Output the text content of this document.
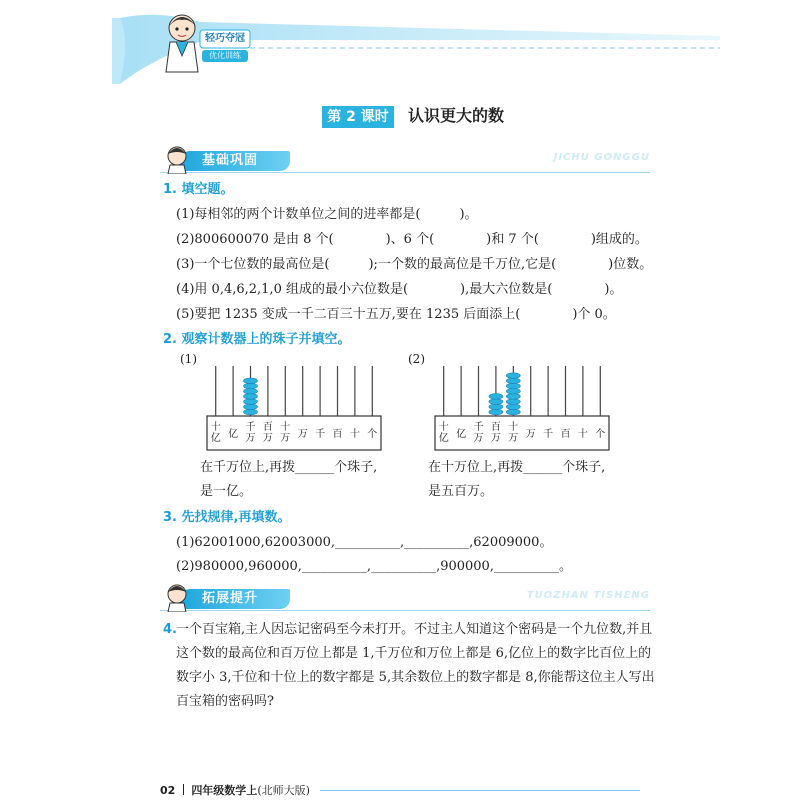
轻巧夺冠
优化训练
第 2 课时	认识更大的数
基础巩固	JICHU GONGGU
1. 填空题。
(1)每相邻的两个计数单位之间的进率都是(　　　)。
(2)800600070 是由 8 个(　　　　)、6 个(　　　　)和 7 个(　　　　)组成的。
(3)一个七位数的最高位是(　　　);一个数的最高位是千万位,它是(　　　　)位数。
(4)用 0,4,6,2,1,0 组成的最小六位数是(　　　　),最大六位数是(　　　　)。
(5)要把 1235 变成一千二百三十五万,要在 1235 后面添上(　　　　)个 0。
2. 观察计数器上的珠子并填空。
(1)
十
亿 亿
千
万
百
万
十
万 万 千 百 十 个
在千万位上,再拨______个珠子,
是一亿。
(2)
十
亿 亿
千
万
百
万
十
万 万 千 百 十 个
在十万位上,再拨______个珠子,
是五百万。
3. 先找规律,再填数。
(1)62001000,62003000,__________,__________,62009000。
(2)980000,960000,__________,__________,900000,__________。
拓展提升	TUOZHAN TISHENG
4. 一个百宝箱,主人因忘记密码至今未打开。不过主人知道这个密码是一个九位数,并且这个数的最高位和百万位上都是 1,千万位和万位上都是 6,亿位上的数字比百位上的数字小 3,千位和十位上的数字都是 5,其余数位上的数字都是 8,你能帮这位主人写出百宝箱的密码吗?
02 四年级数学上(北师大版)
